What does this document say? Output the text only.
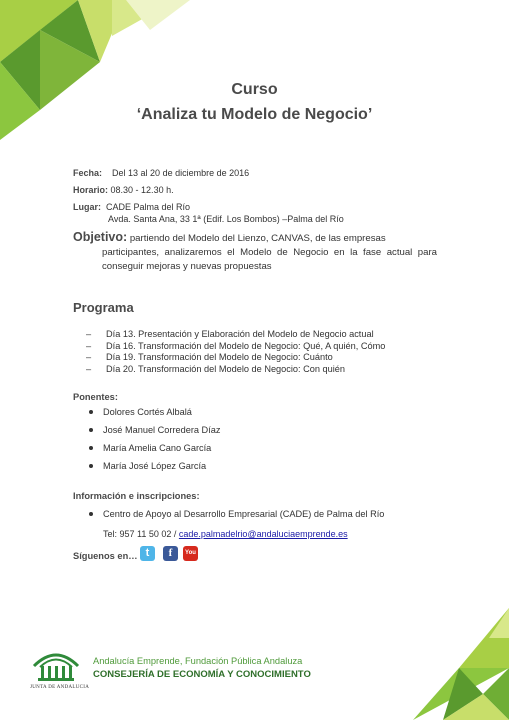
Curso
‘Analiza tu Modelo de Negocio’
Fecha: Del 13 al 20 de diciembre de 2016
Horario: 08.30 - 12.30 h.
Lugar: CADE Palma del Río
Avda. Santa Ana, 33 1ª (Edif. Los Bombos) –Palma del Río
Objetivo: partiendo del Modelo del Lienzo, CANVAS, de las empresas
participantes, analizaremos el Modelo de Negocio en la fase actual para conseguir mejoras y nuevas propuestas
Programa
– Día 13. Presentación y Elaboración del Modelo de Negocio actual
– Día 16. Transformación del Modelo de Negocio: Qué, A quién, Cómo
– Día 19. Transformación del Modelo de Negocio: Cuánto
– Día 20. Transformación del Modelo de Negocio: Con quién
Ponentes:
Dolores Cortés Albalá
José Manuel Corredera Díaz
María Amelia Cano García
María José López García
Información e inscripciones:
Centro de Apoyo al Desarrollo Empresarial (CADE) de Palma del Río
Tel: 957 11 50 02 / cade.palmadelrio@andaluciaemprende.es
Síguenos en… t	f	You
JUNTA DE ANDALUCIA
Andalucía Emprende, Fundación Pública Andaluza
CONSEJERÍA DE ECONOMÍA Y CONOCIMIENTO
